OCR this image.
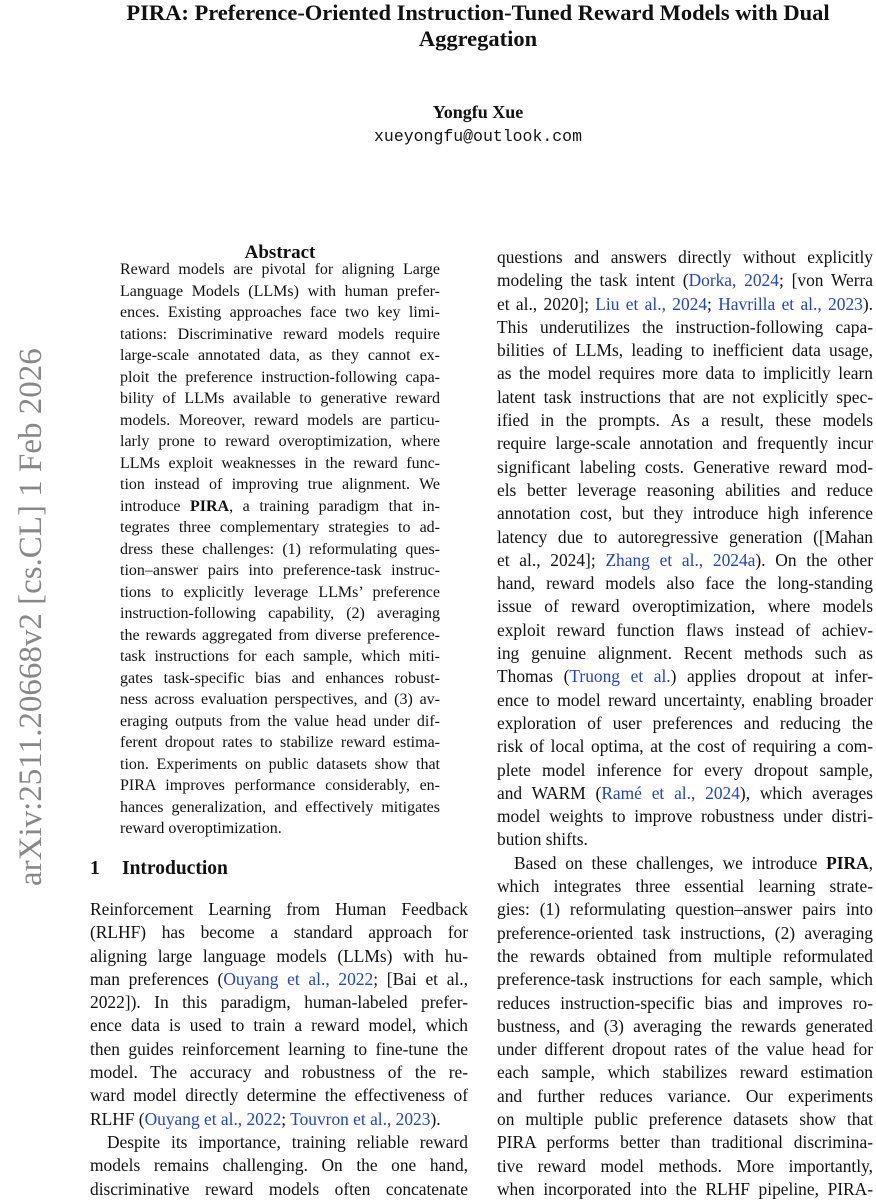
arXiv:2511.20668v2 [cs.CL] 1 Feb 2026
PIRA: Preference-Oriented Instruction-Tuned Reward Models with Dual
Aggregation
Yongfu Xue
xueyongfu@outlook.com
Abstract
Reward models are pivotal for aligning Large
Language Models (LLMs) with human prefer-
ences. Existing approaches face two key limi-
tations: Discriminative reward models require
large-scale annotated data, as they cannot ex-
ploit the preference instruction-following capa-
bility of LLMs available to generative reward
models. Moreover, reward models are particu-
larly prone to reward overoptimization, where
LLMs exploit weaknesses in the reward func-
tion instead of improving true alignment. We
introduce PIRA, a training paradigm that in-
tegrates three complementary strategies to ad-
dress these challenges: (1) reformulating ques-
tion–answer pairs into preference-task instruc-
tions to explicitly leverage LLMs’ preference
instruction-following capability, (2) averaging
the rewards aggregated from diverse preference-
task instructions for each sample, which miti-
gates task-specific bias and enhances robust-
ness across evaluation perspectives, and (3) av-
eraging outputs from the value head under dif-
ferent dropout rates to stabilize reward estima-
tion. Experiments on public datasets show that
PIRA improves performance considerably, en-
hances generalization, and effectively mitigates
reward overoptimization.
1 Introduction
Reinforcement Learning from Human Feedback
(RLHF) has become a standard approach for
aligning large language models (LLMs) with hu-
man preferences (Ouyang et al., 2022; [Bai et al.,
2022]). In this paradigm, human-labeled prefer-
ence data is used to train a reward model, which
then guides reinforcement learning to fine-tune the
model. The accuracy and robustness of the re-
ward model directly determine the effectiveness of
RLHF (Ouyang et al., 2022; Touvron et al., 2023).
Despite its importance, training reliable reward
models remains challenging. On the one hand,
discriminative reward models often concatenate
questions and answers directly without explicitly
modeling the task intent (Dorka, 2024; [von Werra
et al., 2020]; Liu et al., 2024; Havrilla et al., 2023).
This underutilizes the instruction-following capa-
bilities of LLMs, leading to inefficient data usage,
as the model requires more data to implicitly learn
latent task instructions that are not explicitly spec-
ified in the prompts. As a result, these models
require large-scale annotation and frequently incur
significant labeling costs. Generative reward mod-
els better leverage reasoning abilities and reduce
annotation cost, but they introduce high inference
latency due to autoregressive generation ([Mahan
et al., 2024]; Zhang et al., 2024a). On the other
hand, reward models also face the long-standing
issue of reward overoptimization, where models
exploit reward function flaws instead of achiev-
ing genuine alignment. Recent methods such as
Thomas (Truong et al.) applies dropout at infer-
ence to model reward uncertainty, enabling broader
exploration of user preferences and reducing the
risk of local optima, at the cost of requiring a com-
plete model inference for every dropout sample,
and WARM (Ramé et al., 2024), which averages
model weights to improve robustness under distri-
bution shifts.
Based on these challenges, we introduce PIRA,
which integrates three essential learning strate-
gies: (1) reformulating question–answer pairs into
preference-oriented task instructions, (2) averaging
the rewards obtained from multiple reformulated
preference-task instructions for each sample, which
reduces instruction-specific bias and improves ro-
bustness, and (3) averaging the rewards generated
under different dropout rates of the value head for
each sample, which stabilizes reward estimation
and further reduces variance. Our experiments
on multiple public preference datasets show that
PIRA performs better than traditional discrimina-
tive reward model methods. More importantly,
when incorporated into the RLHF pipeline, PIRA-
